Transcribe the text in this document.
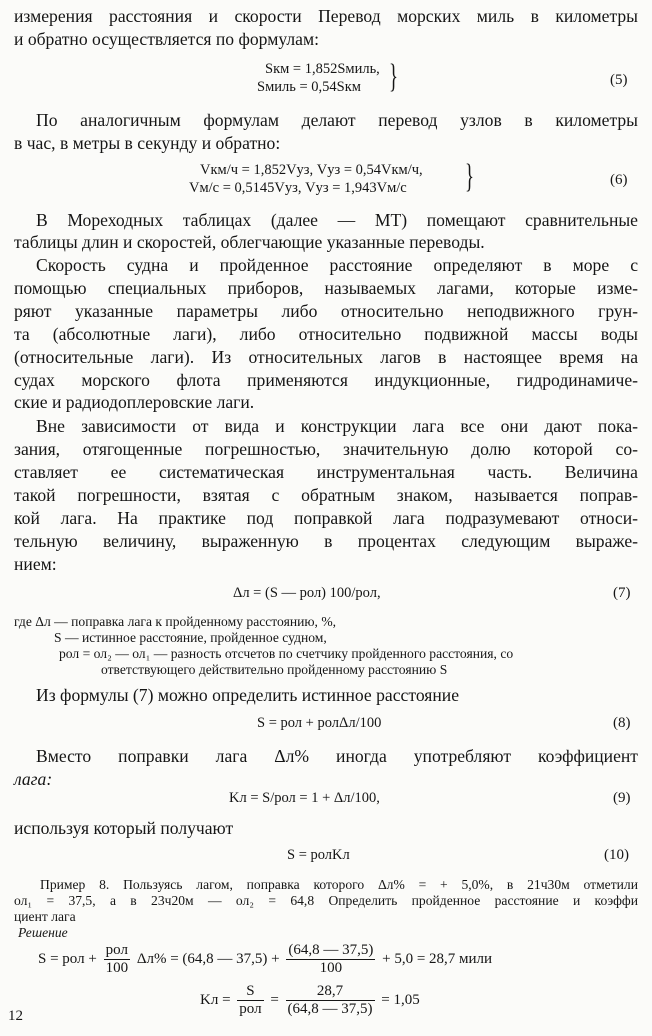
измерения расстояния и скорости Перевод морских миль в километры
и обратно осуществляется по формулам:
Sкм = 1,852Sмиль,
Sмиль = 0,54Sкм }	(5)
По аналогичным формулам делают перевод узлов в километры
в час, в метры в секунду и обратно:
Vкм/ч = 1,852Vуз, Vуз = 0,54Vкм/ч,
Vм/с = 0,5145Vуз, Vуз = 1,943Vм/с }	(6)
В Мореходных таблицах (далее — МТ) помещают сравнительные
таблицы длин и скоростей, облегчающие указанные переводы.
Скорость судна и пройденное расстояние определяют в море с
помощью специальных приборов, называемых лагами, которые изме-
ряют указанные параметры либо относительно неподвижного грун-
та (абсолютные лаги), либо относительно подвижной массы воды
(относительные лаги). Из относительных лагов в настоящее время на
судах морского флота применяются индукционные, гидродинамиче-
ские и радиодоплеровские лаги.
Вне зависимости от вида и конструкции лага все они дают пока-
зания, отягощенные погрешностью, значительную долю которой со-
ставляет ее систематическая инструментальная часть. Величина
такой погрешности, взятая с обратным знаком, называется поправ-
кой лага. На практике под поправкой лага подразумевают относи-
тельную величину, выраженную в процентах следующим выраже-
нием:
Δл = (S — рол) 100/рол,	(7)
где Δл — поправка лага к пройденному расстоянию, %,
S — истинное расстояние, пройденное судном,
рол = ол₂ — ол₁ — разность отсчетов по счетчику пройденного расстояния, со
ответствующего действительно пройденному расстоянию S
Из формулы (7) можно определить истинное расстояние
S = рол + ролΔл/100	(8)
Вместо поправки лага Δл% иногда употребляют коэффициент
лага:
Kл = S/рол = 1 + Δл/100,	(9)
используя который получают
S = ролKл	(10)
Пример 8. Пользуясь лагом, поправка которого Δл% = + 5,0%, в 21ч30м отметили
ол₁ = 37,5, а в 23ч20м — ол₂ = 64,8 Определить пройденное расстояние и коэффи
циент лага
Решение
S = рол + $\frac{\text{рол}}{100} \Delta л\% = (64,8$ — $37,5) + \frac{(64,8 — 37,5)}{100} + 5,0 = 28,7$ мили
Kл = $\frac{S}{\text{рол}} = \frac{28,7}{(64,8 — 37,5)} = 1,05$
12
